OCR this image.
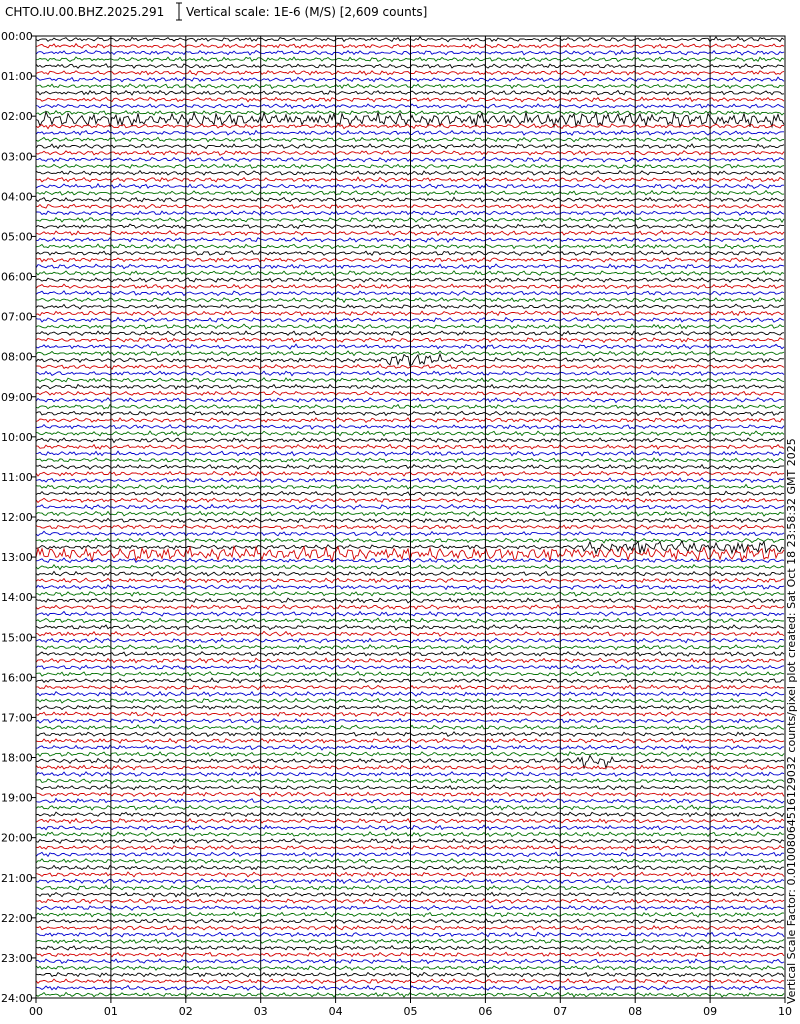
00:00
01:00
02:00
03:00
04:00
05:00
06:00
07:00
08:00
09:00
10:00
11:00
12:00
13:00
14:00
15:00
16:00
17:00
18:00
19:00
20:00
21:00
22:00
23:00
24:00
00	01	02	03	04	05	06	07	08	09	10
CHTO.IU.00.BHZ.2025.291 Vertical scale: 1E-6 (M/S) [2,609 counts]
Vertical Scale Factor: 0.01008064516129032 counts/pixel plot created: Sat Oct 18 23:58:32 GMT 2025
